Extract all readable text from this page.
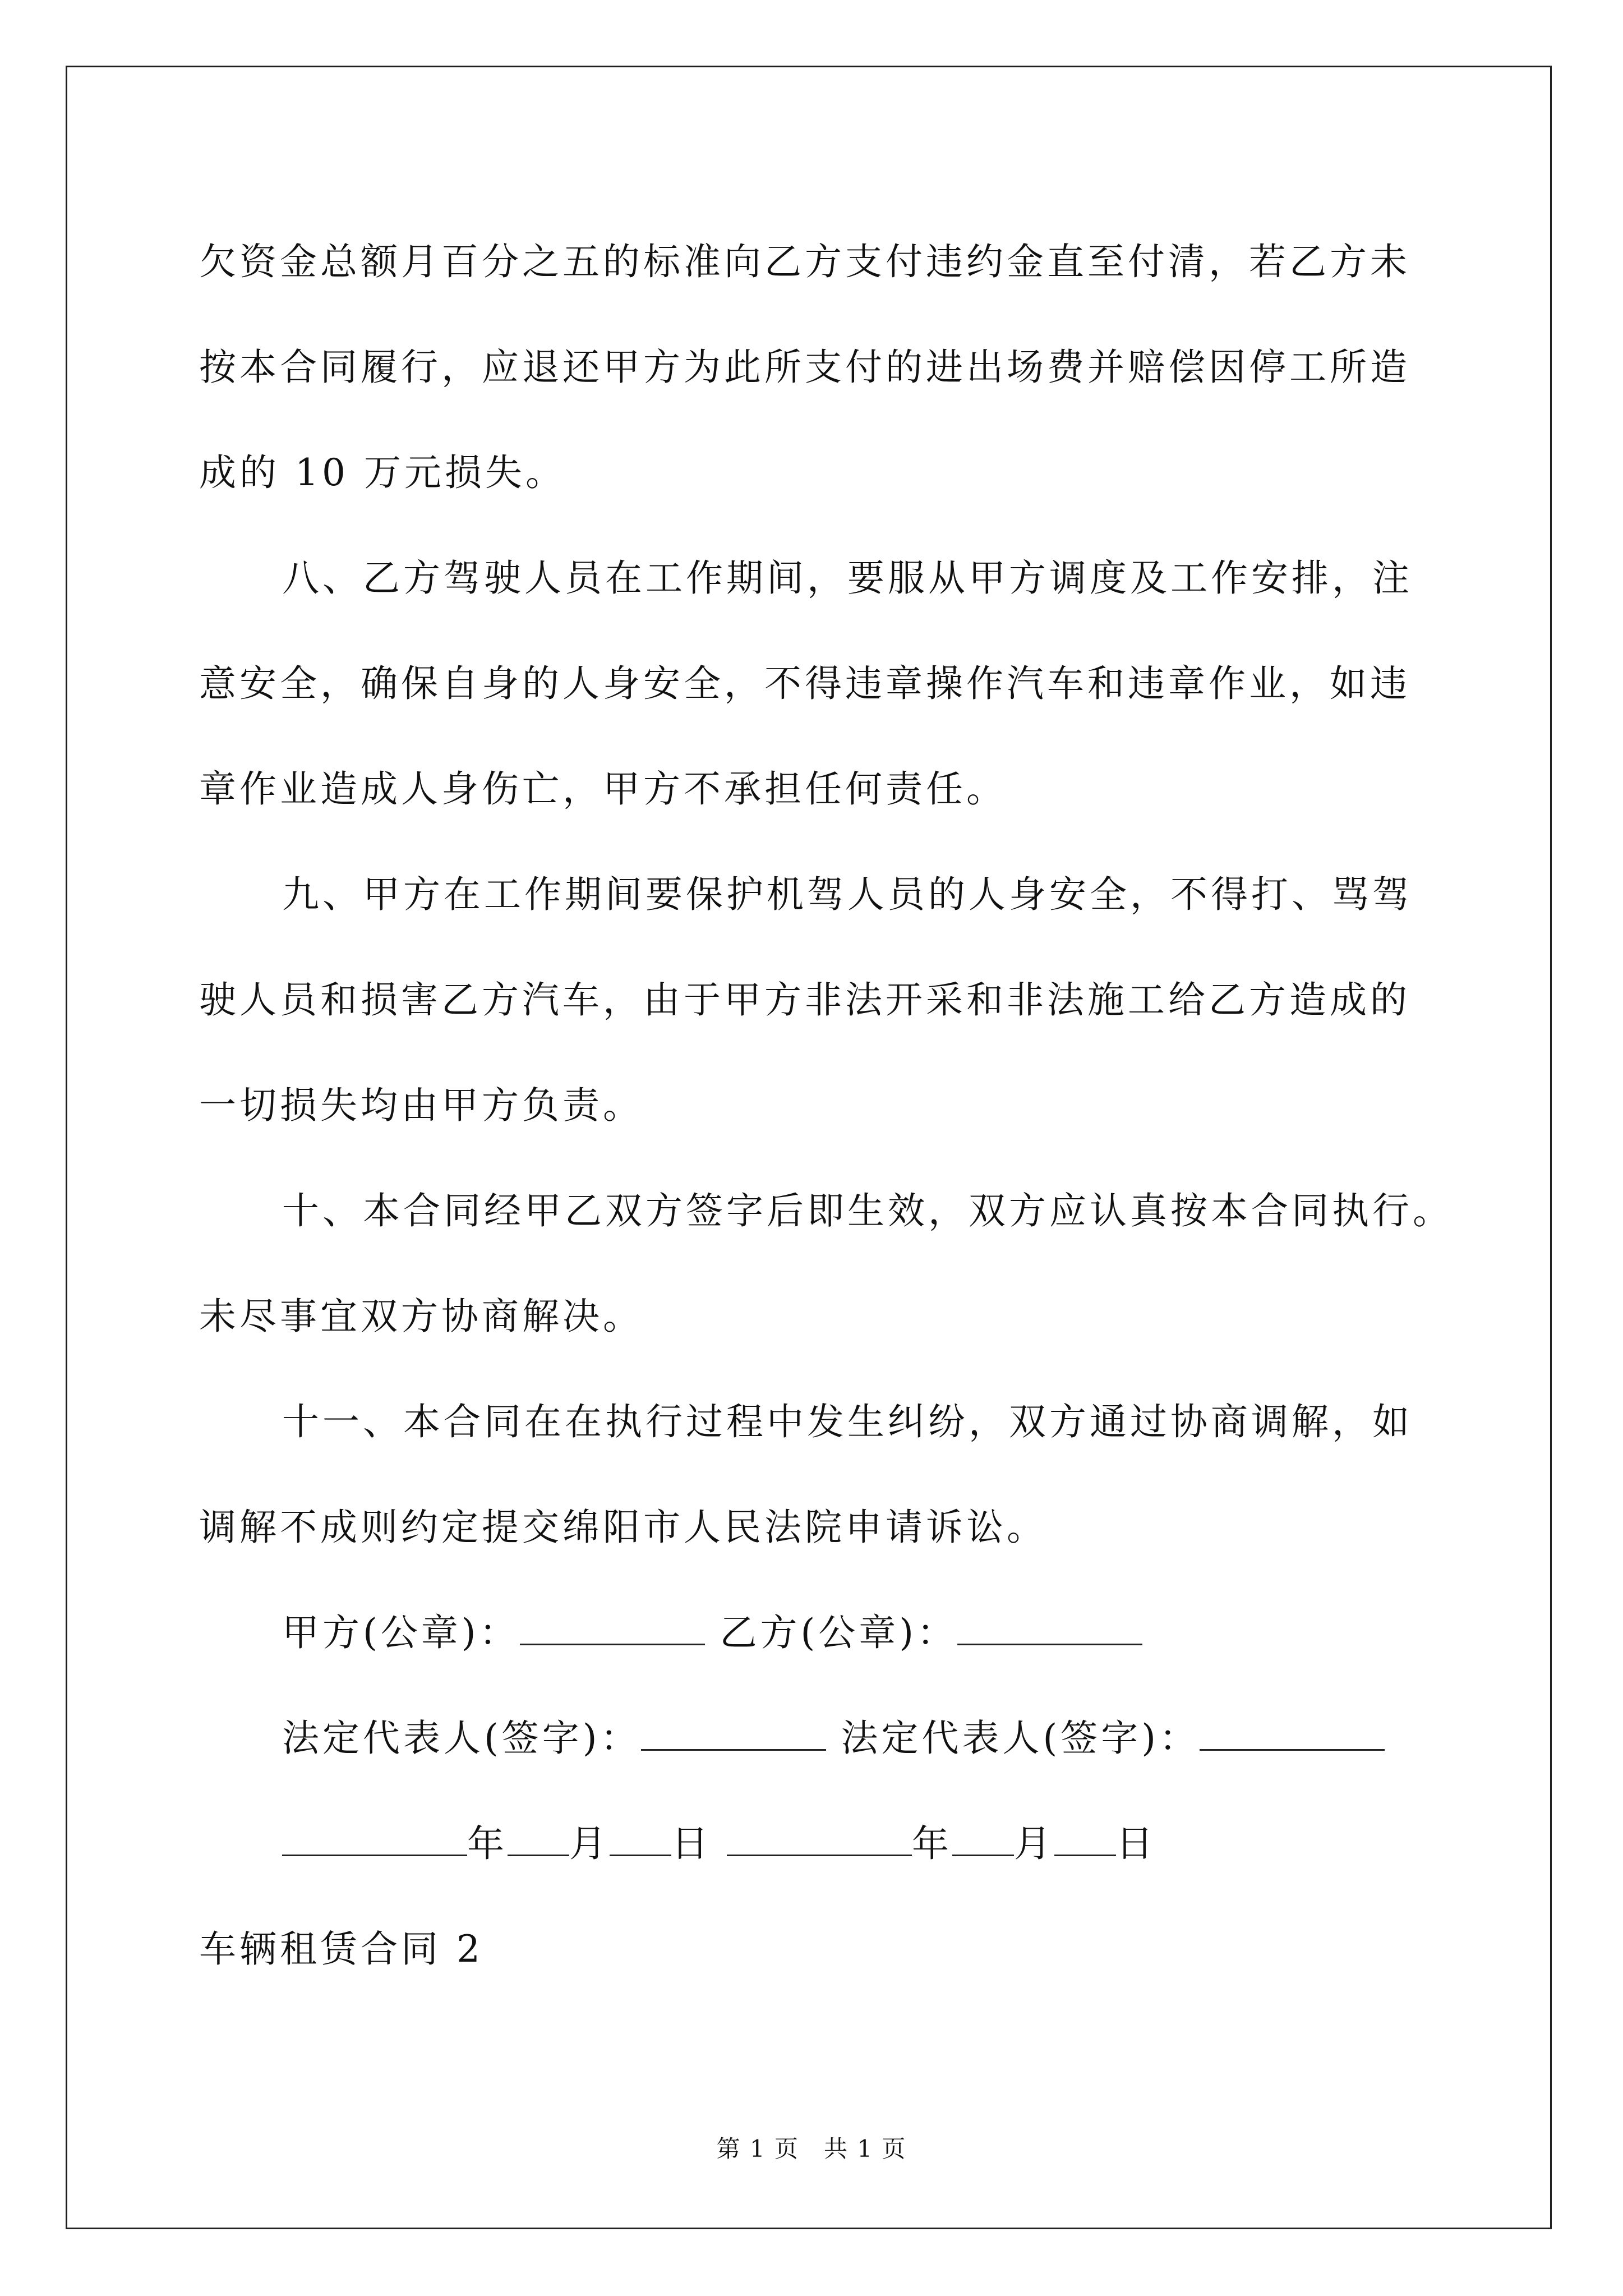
欠资金总额月百分之五的标准向乙方支付违约金直至付清，若乙方未
按本合同履行，应退还甲方为此所支付的进出场费并赔偿因停工所造
成的 10 万元损失。
八、乙方驾驶人员在工作期间，要服从甲方调度及工作安排，注
意安全，确保自身的人身安全，不得违章操作汽车和违章作业，如违
章作业造成人身伤亡，甲方不承担任何责任。
九、甲方在工作期间要保护机驾人员的人身安全，不得打、骂驾
驶人员和损害乙方汽车，由于甲方非法开采和非法施工给乙方造成的
一切损失均由甲方负责。
十、本合同经甲乙双方签字后即生效，双方应认真按本合同执行。
未尽事宜双方协商解决。
十一、本合同在在执行过程中发生纠纷，双方通过协商调解，如
调解不成则约定提交绵阳市人民法院申请诉讼。
甲方(公章)：	乙方(公章)：
法定代表人(签字)：	法定代表人(签字)：
年 月 日	年 月 日
车辆租赁合同 2
第 1 页　共 1 页
